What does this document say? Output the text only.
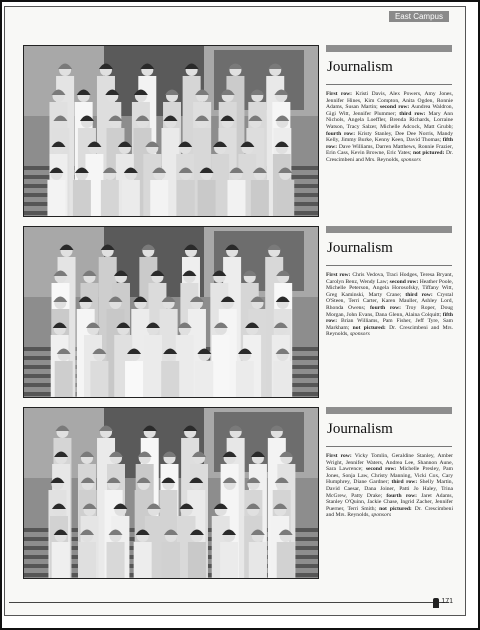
East Campus
Journalism

First row: Kristi Davis, Alex Powers, Amy Jones, Jennifer Hines, Kim Compton, Anita Ogden, Ronnie Adams, Susan Martin; second row: Aundrea Waldron, Gigi Witt, Jennifer Plummer; third row: Mary Ann Nichols, Angela Loeffler, Brenda Richards, Lorraine Watson, Tracy Salzer, Michelle Adcock, Matt Grubb; fourth row: Kristy Stanley, Dee Dee Norris, Mandy Kelly, Jimmy Burke, Kenny Keen, David Thomas; fifth row: Dave Williams, Darren Matthews, Ronnie Frazier, Erin Cass, Kevin Browne, Eric Yates; not pictured: Dr. Crescimbeni and Mrs. Reynolds, sponsors

Journalism

First row: Chris Vedova, Traci Hodges, Teresa Bryant, Carolyn Benz, Wendy Law; second row: Heather Poole, Michelle Peterson, Angela Horosofsky, Tiffany Witt, Greg Kaminski, Marty Crane; third row: Crystal O'Steen, Terri Carter, Karen Mauller, Ashley Lord, Rhonda Owens; fourth row: Troy Roper, Doug Morgan, John Evans, Dana Glenn, Alaina Colquitt; fifth row: Brian Williams, Pam Fisher, Jeff Tyre, Sam Markham; not pictured: Dr. Crescimbeni and Mrs. Reynolds, sponsors

Journalism

First row: Vicky Tomlin, Geraldine Stanley, Amber Wright, Jennifer Waters, Andrea Lee, Shannon Aune, Sara Lawrence; second row: Michelle Presley, Pam Jones, Sonja Law, Christy Manning, Vicki Cox, Cary Humphrey, Diane Gardner; third row: Shelly Martin, David Caesar, Dana Joiner, Patti Jo Haley, Trina McGrew, Patty Drake; fourth row: Jaret Adams, Stanley O'Quinn, Jackie Chase, Ingrid Zacher, Jennifer Puerner, Terri Smith; not pictured: Dr. Crescimbeni and Mrs. Reynolds, sponsors

171
